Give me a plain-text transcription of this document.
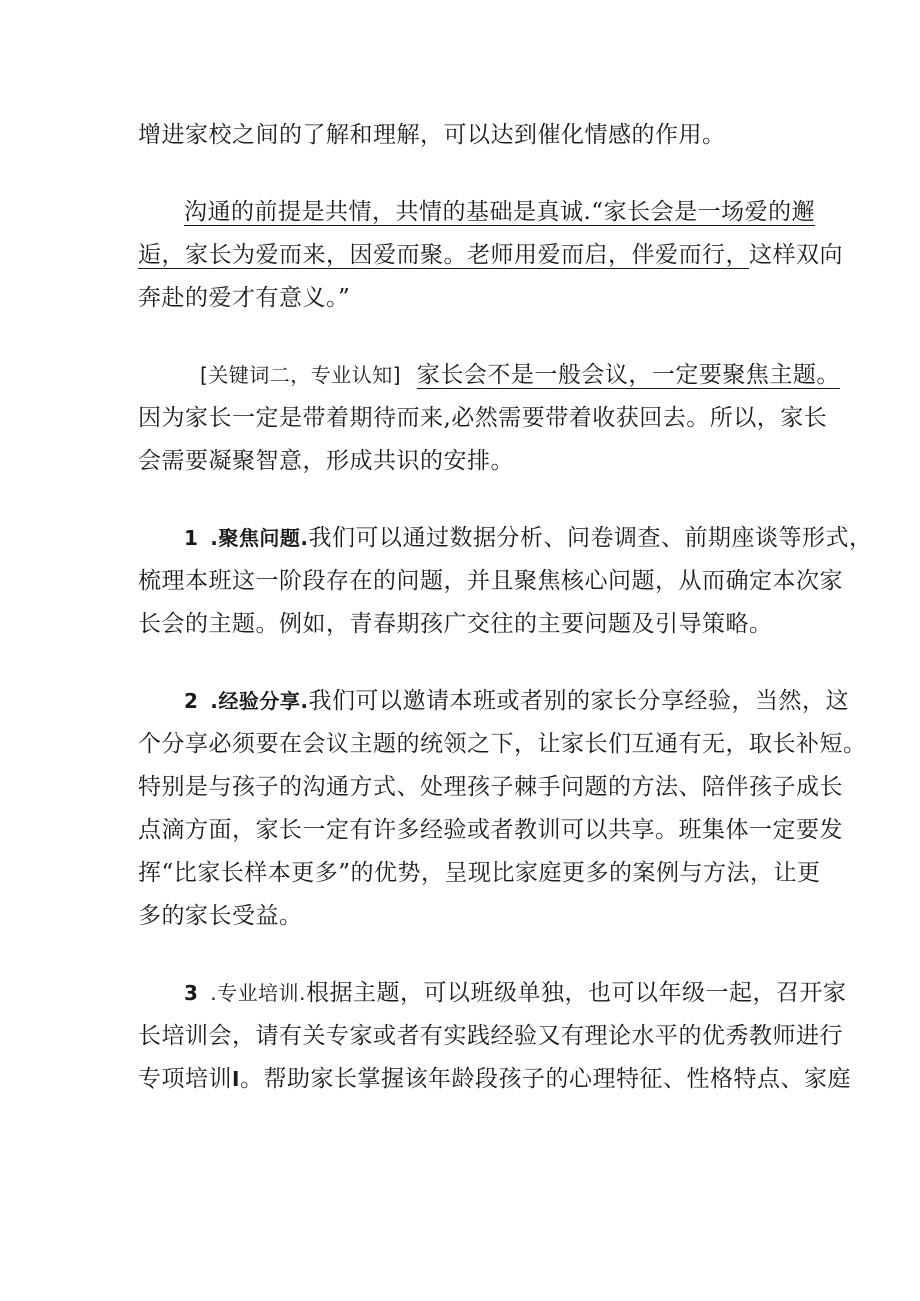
增进家校之间的了解和理解，可以达到催化情感的作用。
沟通的前提是共情，共情的基础是真诚.“家长会是一场爱的邂
逅，家长为爱而来，因爱而聚。老师用爱而启，伴爱而行，这样双向
奔赴的爱才有意义。”
[关键词二，专业认知] 家长会不是一般会议，一定要聚焦主题。
因为家长一定是带着期待而来,必然需要带着收获回去。所以，家长
会需要凝聚智意，形成共识的安排。
1 .聚焦问题.我们可以通过数据分析、问卷调查、前期座谈等形式，
梳理本班这一阶段存在的问题，并且聚焦核心问题，从而确定本次家
长会的主题。例如，青春期孩广交往的主要问题及引导策略。
2 .经验分享.我们可以邀请本班或者别的家长分享经验，当然，这
个分享必须要在会议主题的统领之下，让家长们互通有无，取长补短。
特别是与孩子的沟通方式、处理孩子棘手问题的方法、陪伴孩子成长
点滴方面，家长一定有许多经验或者教训可以共享。班集体一定要发
挥“比家长样本更多”的优势，呈现比家庭更多的案例与方法，让更
多的家长受益。
3 .专业培训.根据主题，可以班级单独，也可以年级一起，召开家
长培训会，请有关专家或者有实践经验又有理论水平的优秀教师进行
专项培训I。帮助家长掌握该年龄段孩子的心理特征、性格特点、家庭
